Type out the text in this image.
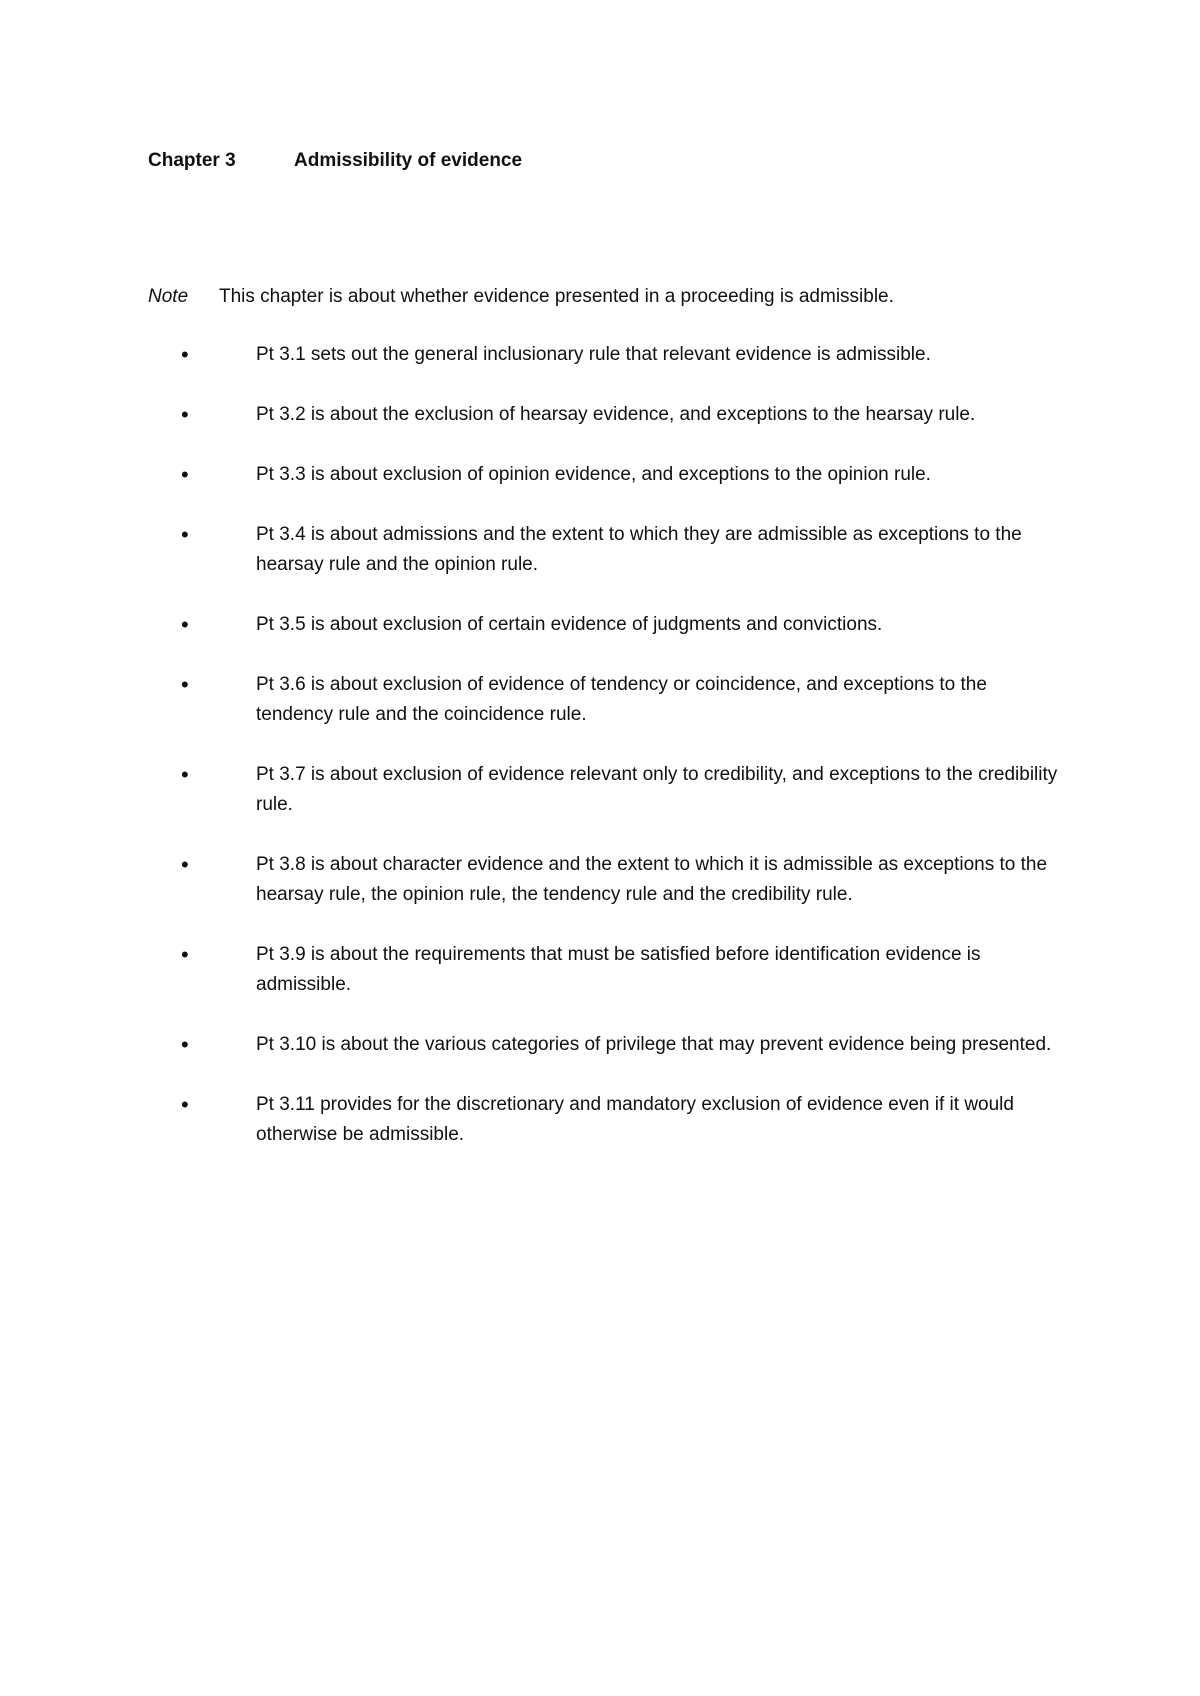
Chapter 3	Admissibility of evidence
Note This chapter is about whether evidence presented in a proceeding is admissible.
• Pt 3.1 sets out the general inclusionary rule that relevant evidence is admissible.
• Pt 3.2 is about the exclusion of hearsay evidence, and exceptions to the hearsay rule.
• Pt 3.3 is about exclusion of opinion evidence, and exceptions to the opinion rule.
• Pt 3.4 is about admissions and the extent to which they are admissible as exceptions to the hearsay rule and the opinion rule.
• Pt 3.5 is about exclusion of certain evidence of judgments and convictions.
• Pt 3.6 is about exclusion of evidence of tendency or coincidence, and exceptions to the tendency rule and the coincidence rule.
• Pt 3.7 is about exclusion of evidence relevant only to credibility, and exceptions to the credibility rule.
• Pt 3.8 is about character evidence and the extent to which it is admissible as exceptions to the hearsay rule, the opinion rule, the tendency rule and the credibility rule.
• Pt 3.9 is about the requirements that must be satisfied before identification evidence is admissible.
• Pt 3.10 is about the various categories of privilege that may prevent evidence being presented.
• Pt 3.11 provides for the discretionary and mandatory exclusion of evidence even if it would otherwise be admissible.
